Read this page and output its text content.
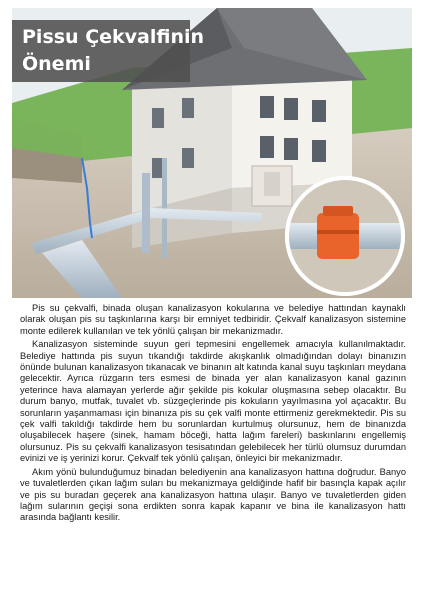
Pissu Çekvalfinin
Önemi

Pis su çekvalfi, binada oluşan kanalizasyon kokularına ve belediye hattından kaynaklı olarak oluşan pis su taşkınlarına karşı bir emniyet tedbiridir. Çekvalf kanalizasyon sistemine monte edilerek kullanılan ve tek yönlü çalışan bir mekanizmadır.

Kanalizasyon sisteminde suyun geri tepmesini engellemek amacıyla kullanılmaktadır. Belediye hattında pis suyun tıkandığı takdirde akışkanlık olmadığından dolayı binanızın önünde bulunan kanalizasyon tıkanacak ve binanın alt katında kanal suyu taşkınları meydana gelecektir. Ayrıca rüzgarın ters esmesi de binada yer alan kanalizasyon kanal gazının yeterince hava alamayan yerlerde ağır şekilde pis kokular oluşmasına sebep olacaktır. Bu durum banyo, mutfak, tuvalet vb. süzgeçlerinde pis kokuların yayılmasına yol açacaktır. Bu sorunların yaşanmaması için binanıza pis su çek valfi monte ettirmeniz gerekmektedir. Pis su çek valfi takıldığı takdirde hem bu sorunlardan kurtulmuş olursunuz, hem de binanızda oluşabilecek haşere (sinek, hamam böceği, hatta lağım fareleri) baskınlarını engellemiş olursunuz. Pis su çekvalfi kanalizasyon tesisatından gelebilecek her türlü olumsuz durumdan evinizi ve iş yerinizi korur. Çekvalf tek yönlü çalışan, önleyici bir mekanizmadır.

Akım yönü bulunduğumuz binadan belediyenin ana kanalizasyon hattına doğrudur. Banyo ve tuvaletlerden çıkan lağım suları bu mekanizmaya geldiğinde hafif bir basınçla kapak açılır ve pis su buradan geçerek ana kanalizasyon hattına ulaşır. Banyo ve tuvaletlerden giden lağım sularının geçişi sona erdikten sonra kapak kapanır ve bina ile kanalizasyon hattı arasında bağlantı kesilir.
